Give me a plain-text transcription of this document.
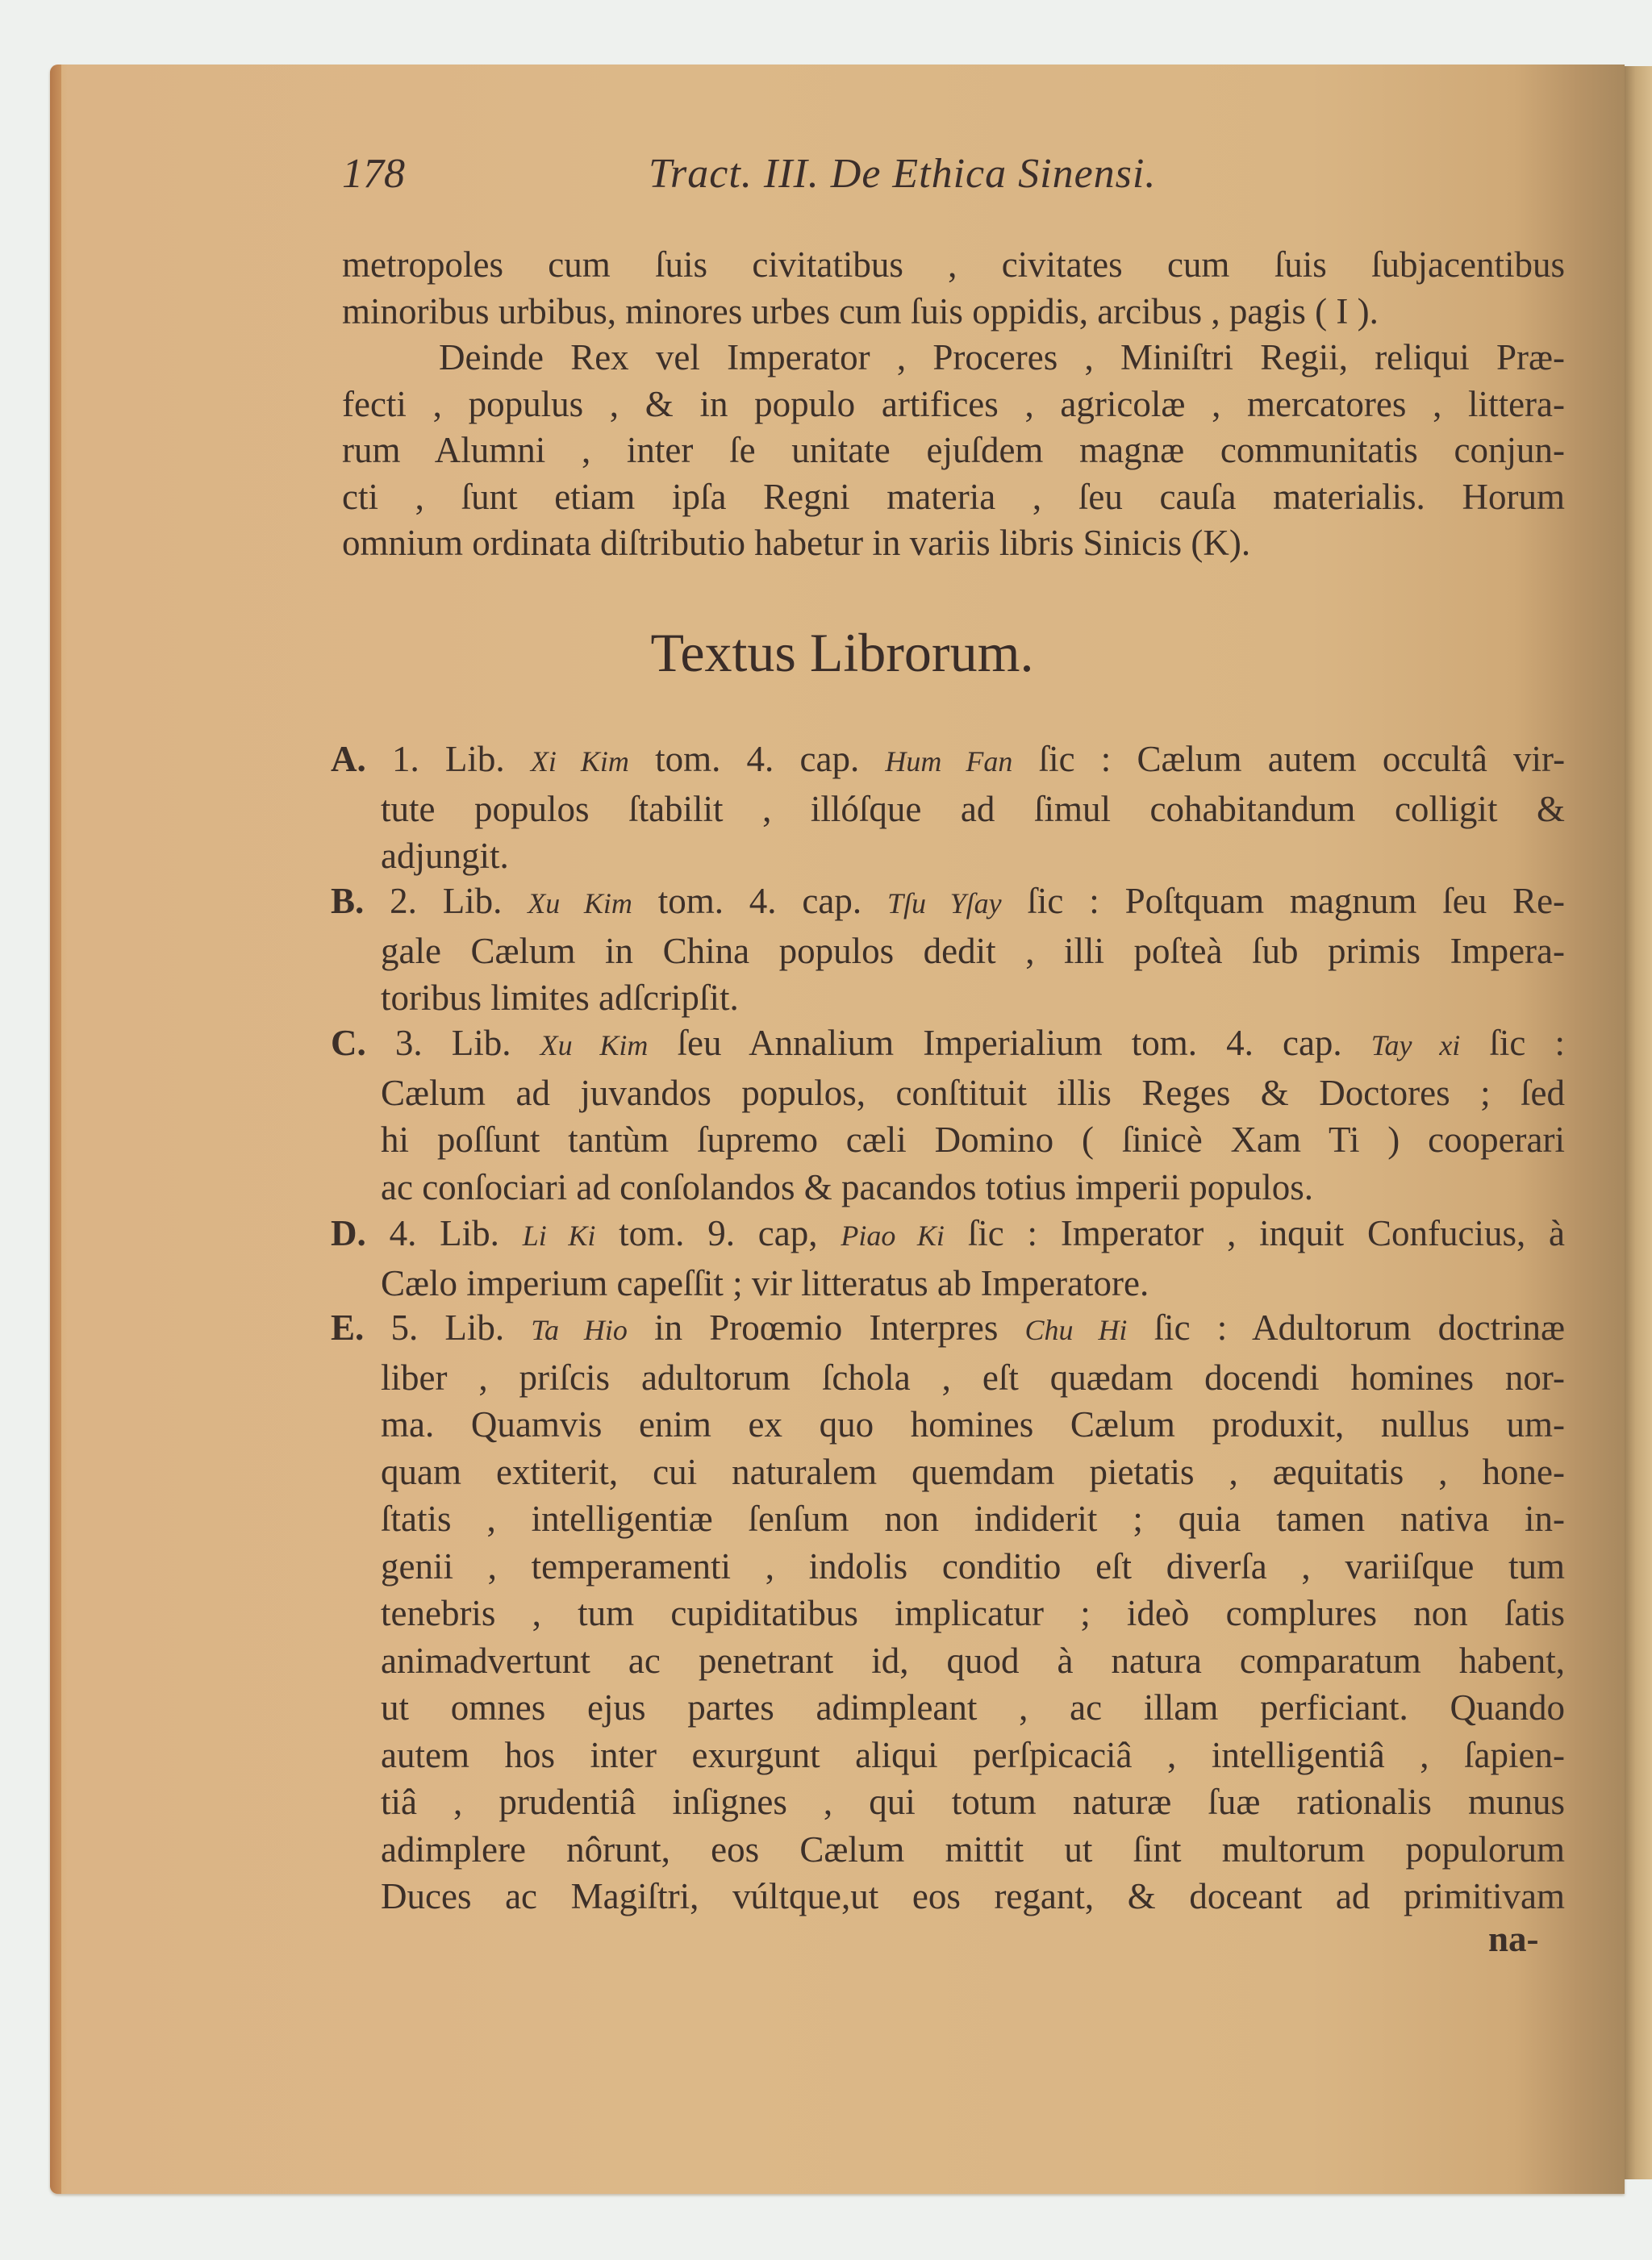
178	Tract. III. De Ethica Sinensi.
metropoles cum ſuis civitatibus , civitates cum ſuis ſubjacentibus
minoribus urbibus, minores urbes cum ſuis oppidis, arcibus , pagis ( I ).
Deinde Rex vel Imperator , Proceres , Miniſtri Regii, reliqui Præ-
fecti , populus , & in populo artifices , agricolæ , mercatores , littera-
rum Alumni , inter ſe unitate ejuſdem magnæ communitatis conjun-
cti , ſunt etiam ipſa Regni materia , ſeu cauſa materialis. Horum
omnium ordinata diſtributio habetur in variis libris Sinicis (K).
Textus Librorum.
A. 1. Lib. Xi Kim tom. 4. cap. Hum Fan ſic : Cælum autem occultâ vir-
tute populos ſtabilit , illóſque ad ſimul cohabitandum colligit &
adjungit.
B. 2. Lib. Xu Kim tom. 4. cap. Tſu Yſay ſic : Poſtquam magnum ſeu Re-
gale Cælum in China populos dedit , illi poſteà ſub primis Impera-
toribus limites adſcripſit.
C. 3. Lib. Xu Kim ſeu Annalium Imperialium tom. 4. cap. Tay xi ſic :
Cælum ad juvandos populos, conſtituit illis Reges & Doctores ; ſed
hi poſſunt tantùm ſupremo cæli Domino ( ſinicè Xam Ti ) cooperari
ac conſociari ad conſolandos & pacandos totius imperii populos.
D. 4. Lib. Li Ki tom. 9. cap, Piao Ki ſic : Imperator , inquit Confucius, à
Cælo imperium capeſſit ; vir litteratus ab Imperatore.
E. 5. Lib. Ta Hio in Proœmio Interpres Chu Hi ſic : Adultorum doctrinæ
liber , priſcis adultorum ſchola , eſt quædam docendi homines nor-
ma. Quamvis enim ex quo homines Cælum produxit, nullus um-
quam extiterit, cui naturalem quemdam pietatis , æquitatis , hone-
ſtatis , intelligentiæ ſenſum non indiderit ; quia tamen nativa in-
genii , temperamenti , indolis conditio eſt diverſa , variiſque tum
tenebris , tum cupiditatibus implicatur ; ideò complures non ſatis
animadvertunt ac penetrant id, quod à natura comparatum habent,
ut omnes ejus partes adimpleant , ac illam perficiant. Quando
autem hos inter exurgunt aliqui perſpicaciâ , intelligentiâ , ſapien-
tiâ , prudentiâ inſignes , qui totum naturæ ſuæ rationalis munus
adimplere nôrunt, eos Cælum mittit ut ſint multorum populorum
Duces ac Magiſtri, vúltque,ut eos regant, & doceant ad primitivam
na-
